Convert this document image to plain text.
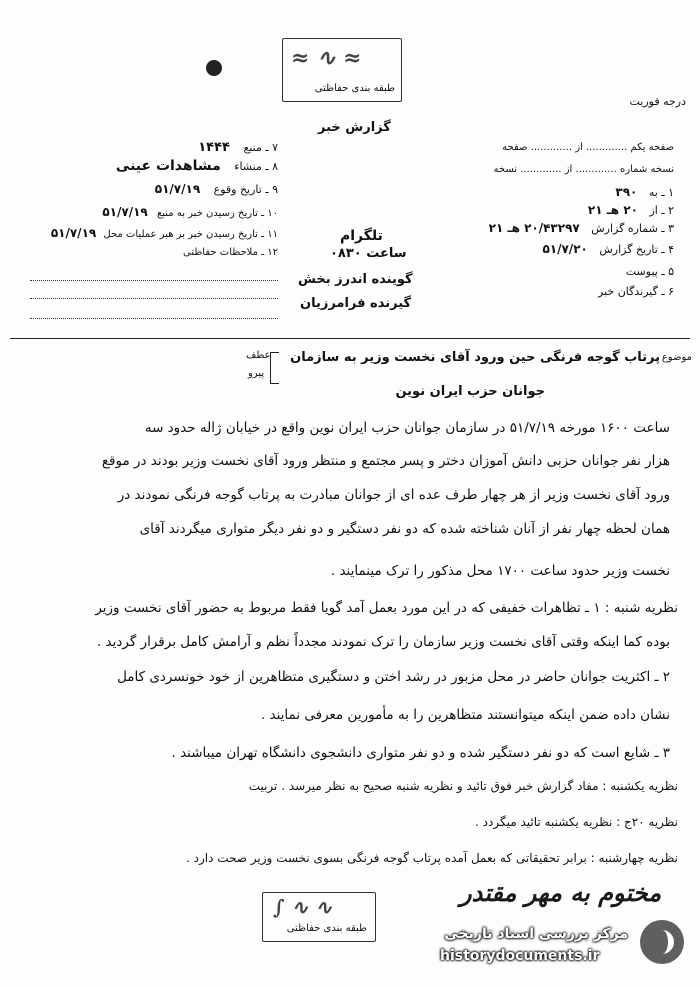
≈ ∿ ≈
طبقه بندی حفاظتی
درجه فوریت
گزارش خبر
۷ ـ منبع ۱۴۴۴
۸ ـ منشاء مشاهدات عینی
۹ ـ تاریخ وقوع ۵۱/۷/۱۹
۱۰ ـ تاریخ رسیدن خبر به منبع ۵۱/۷/۱۹
۱۱ ـ تاریخ رسیدن خبر بر هبر عملیات محل ۵۱/۷/۱۹
۱۲ ـ ملاحظات حفاظتی
صفحه یکم ............. از ............. صفحه
نسخه شماره ............. از ............. نسخه
۱ ـ به ۳۹۰
۲ ـ از ۲۰ هـ ۲۱
۳ ـ شماره گزارش ۲۰/۴۳۲۹۷ هـ ۲۱
۴ ـ تاریخ گزارش ۵۱/۷/۲۰
۵ ـ پیوست
۶ ـ گیرندگان خبر
تلگرام
ساعت ۰۸۳۰
گوینده اندرز بخش
گیرنده فرامرزیان
موضوع
پرتاب گوجه فرنگی حین ورود آقای نخست وزیر به سازمان
جوانان حزب ایران نوین
عطف
پیرو
ساعت ۱۶۰۰ مورخه ۵۱/۷/۱۹ در سازمان جوانان حزب ایران نوین واقع در خیابان ژاله حدود سه
هزار نفر جوانان حزبی دانش آموزان دختر و پسر مجتمع و منتظر ورود آقای نخست وزیر بودند در موقع
ورود آقای نخست وزیر از هر چهار طرف عده ای از جوانان مبادرت به پرتاب گوجه فرنگی نمودند در
همان لحظه چهار نفر از آنان شناخته شده که دو نفر دستگیر و دو نفر دیگر متواری میگردند آقای
نخست وزیر حدود ساعت ۱۷۰۰ محل مذکور را ترک مینمایند .
نظریه شنبه : ۱ ـ تظاهرات خفیفی که در این مورد بعمل آمد گویا فقط مربوط به حضور آقای نخست وزیر
بوده کما اینکه وقتی آقای نخست وزیر سازمان را ترک نمودند مجدداً نظم و آرامش کامل برقرار گردید .
۲ ـ اکثریت جوانان حاضر در محل مزبور در رشد اختن و دستگیری متظاهرین از خود خونسردی کامل
نشان داده ضمن اینکه میتوانستند متظاهرین را به مأمورین معرفی نمایند .
۳ ـ شایع است که دو نفر دستگیر شده و دو نفر متواری دانشجوی دانشگاه تهران میباشند .
نظریه یکشنبه : مفاد گزارش خبر فوق تائید و نظریه شنبه صحیح به نظر میرسد . تربیت
نظریه ۲۰ج : نظریه یکشنبه تائید میگردد .
نظریه چهارشنبه : برابر تحقیقاتی که بعمل آمده پرتاب گوجه فرنگی بسوی نخست وزیر صحت دارد .
مختوم به مهر مقتدر
∫ ∿ ∿
طبقه بندی حفاظتی	مرکز بررسی اسناد تاریخی
historydocuments.ir
